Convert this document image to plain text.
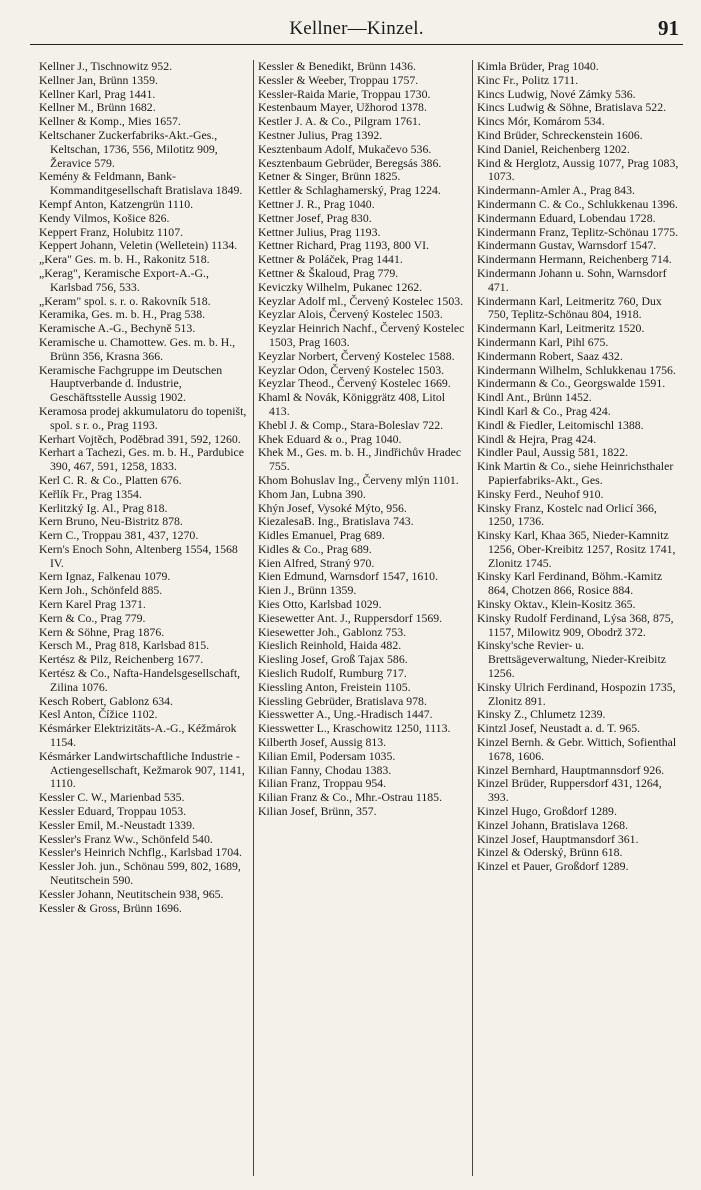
Kellner—Kinzel.	91

Kellner J., Tischnowitz 952.

Kellner Jan, Brünn 1359.

Kellner Karl, Prag 1441.

Kellner M., Brünn 1682.

Kellner & Komp., Mies 1657.

Keltschaner Zuckerfabriks-Akt.-Ges., Keltschan, 1736, 556, Milotitz 909, Žeravice 579.

Kemény & Feldmann, Bank-Kommanditgesellschaft Bratislava 1849.

Kempf Anton, Katzengrün 1110.

Kendy Vilmos, Košice 826.

Keppert Franz, Holubitz 1107.

Keppert Johann, Veletin (Welletein) 1134.

„Kera" Ges. m. b. H., Rakonitz 518.

„Kerag", Keramische Export-A.-G., Karlsbad 756, 533.

„Keram" spol. s. r. o. Rakovník 518.

Keramika, Ges. m. b. H., Prag 538.

Keramische A.-G., Bechyně 513.

Keramische u. Chamottew. Ges. m. b. H., Brünn 356, Krasna 366.

Keramische Fachgruppe im Deutschen Hauptverbande d. Industrie, Geschäftsstelle Aussig 1902.

Keramosa prodej akkumulatoru do topeništ, spol. s r. o., Prag 1193.

Kerhart Vojtěch, Poděbrad 391, 592, 1260.

Kerhart a Tachezi, Ges. m. b. H., Pardubice 390, 467, 591, 1258, 1833.

Kerl C. R. & Co., Platten 676.

Keřlík Fr., Prag 1354.

Kerlitzký Ig. Al., Prag 818.

Kern Bruno, Neu-Bistritz 878.

Kern C., Troppau 381, 437, 1270.

Kern's Enoch Sohn, Altenberg 1554, 1568 IV.

Kern Ignaz, Falkenau 1079.

Kern Joh., Schönfeld 885.

Kern Karel Prag 1371.

Kern & Co., Prag 779.

Kern & Söhne, Prag 1876.

Kersch M., Prag 818, Karlsbad 815.

Kertész & Pilz, Reichenberg 1677.

Kertész & Co., Nafta-Handelsgesellschaft, Zilina 1076.

Kesch Robert, Gablonz 634.

Kesl Anton, Čížice 1102.

Késmárker Elektrizitäts-A.-G., Kéžmárok 1154.

Késmárker Landwirtschaftliche Industrie - Actiengesellschaft, Kežmarok 907, 1141, 1110.

Kessler C. W., Marienbad 535.

Kessler Eduard, Troppau 1053.

Kessler Emil, M.-Neustadt 1339.

Kessler's Franz Ww., Schönfeld 540.

Kessler's Heinrich Nchflg., Karlsbad 1704.

Kessler Joh. jun., Schönau 599, 802, 1689, Neutitschein 590.

Kessler Johann, Neutitschein 938, 965.

Kessler & Gross, Brünn 1696.

Kessler & Benedikt, Brünn 1436.

Kessler & Weeber, Troppau 1757.

Kessler-Raida Marie, Troppau 1730.

Kestenbaum Mayer, Užhorod 1378.

Kestler J. A. & Co., Pilgram 1761.

Kestner Julius, Prag 1392.

Kesztenbaum Adolf, Mukačevo 536.

Kesztenbaum Gebrüder, Beregsás 386.

Ketner & Singer, Brünn 1825.

Kettler & Schlaghamerský, Prag 1224.

Kettner J. R., Prag 1040.

Kettner Josef, Prag 830.

Kettner Julius, Prag 1193.

Kettner Richard, Prag 1193, 800 VI.

Kettner & Poláček, Prag 1441.

Kettner & Škaloud, Prag 779.

Keviczky Wilhelm, Pukanec 1262.

Keyzlar Adolf ml., Červený Kostelec 1503.

Keyzlar Alois, Červený Kostelec 1503.

Keyzlar Heinrich Nachf., Červený Kostelec 1503, Prag 1603.

Keyzlar Norbert, Červený Kostelec 1588.

Keyzlar Odon, Červený Kostelec 1503.

Keyzlar Theod., Červený Kostelec 1669.

Khaml & Novák, Königgrätz 408, Litol 413.

Khebl J. & Comp., Stara-Boleslav 722.

Khek Eduard & o., Prag 1040.

Khek M., Ges. m. b. H., Jindřichův Hradec 755.

Khom Bohuslav Ing., Červeny mlýn 1101.

Khom Jan, Lubna 390.

Khýn Josef, Vysoké Mýto, 956.

KiezalesaB. Ing., Bratislava 743.

Kidles Emanuel, Prag 689.

Kidles & Co., Prag 689.

Kien Alfred, Straný 970.

Kien Edmund, Warnsdorf 1547, 1610.

Kien J., Brünn 1359.

Kies Otto, Karlsbad 1029.

Kiesewetter Ant. J., Ruppersdorf 1569.

Kiesewetter Joh., Gablonz 753.

Kieslich Reinhold, Haida 482.

Kiesling Josef, Groß Tajax 586.

Kieslich Rudolf, Rumburg 717.

Kiessling Anton, Freistein 1105.

Kiessling Gebrüder, Bratislava 978.

Kiesswetter A., Ung.-Hradisch 1447.

Kiesswetter L., Kraschowitz 1250, 1113.

Kilberth Josef, Aussig 813.

Kilian Emil, Podersam 1035.

Kilian Fanny, Chodau 1383.

Kilian Franz, Troppau 954.

Kilian Franz & Co., Mhr.-Ostrau 1185.

Kilian Josef, Brünn, 357.

Kimla Brüder, Prag 1040.

Kinc Fr., Politz 1711.

Kincs Ludwig, Nové Zámky 536.

Kincs Ludwig & Söhne, Bratislava 522.

Kincs Mór, Komárom 534.

Kind Brüder, Schreckenstein 1606.

Kind Daniel, Reichenberg 1202.

Kind & Herglotz, Aussig 1077, Prag 1083, 1073.

Kindermann-Amler A., Prag 843.

Kindermann C. & Co., Schlukkenau 1396.

Kindermann Eduard, Lobendau 1728.

Kindermann Franz, Teplitz-Schönau 1775.

Kindermann Gustav, Warnsdorf 1547.

Kindermann Hermann, Reichenberg 714.

Kindermann Johann u. Sohn, Warnsdorf 471.

Kindermann Karl, Leitmeritz 760, Dux 750, Teplitz-Schönau 804, 1918.

Kindermann Karl, Leitmeritz 1520.

Kindermann Karl, Pihl 675.

Kindermann Robert, Saaz 432.

Kindermann Wilhelm, Schlukkenau 1756.

Kindermann & Co., Georgswalde 1591.

Kindl Ant., Brünn 1452.

Kindl Karl & Co., Prag 424.

Kindl & Fiedler, Leitomischl 1388.

Kindl & Hejra, Prag 424.

Kindler Paul, Aussig 581, 1822.

Kink Martin & Co., siehe Heinrichsthaler Papierfabriks-Akt., Ges.

Kinsky Ferd., Neuhof 910.

Kinsky Franz, Kostelc nad Orlicí 366, 1250, 1736.

Kinsky Karl, Khaa 365, Nieder-Kamnitz 1256, Ober-Kreibitz 1257, Rositz 1741, Zlonitz 1745.

Kinsky Karl Ferdinand, Böhm.-Kamitz 864, Chotzen 866, Rosice 884.

Kinsky Oktav., Klein-Kositz 365.

Kinsky Rudolf Ferdinand, Lýsa 368, 875, 1157, Milowitz 909, Obodrž 372.

Kinsky'sche Revier- u. Brettsägeverwaltung, Nieder-Kreibitz 1256.

Kinsky Ulrich Ferdinand, Hospozin 1735, Zlonitz 891.

Kinsky Z., Chlumetz 1239.

Kintzl Josef, Neustadt a. d. T. 965.

Kinzel Bernh. & Gebr. Wittich, Sofienthal 1678, 1606.

Kinzel Bernhard, Hauptmannsdorf 926.

Kinzel Brüder, Ruppersdorf 431, 1264, 393.

Kinzel Hugo, Großdorf 1289.

Kinzel Johann, Bratislava 1268.

Kinzel Josef, Hauptmansdorf 361.

Kinzel & Oderský, Brünn 618.

Kinzel et Pauer, Großdorf 1289.
